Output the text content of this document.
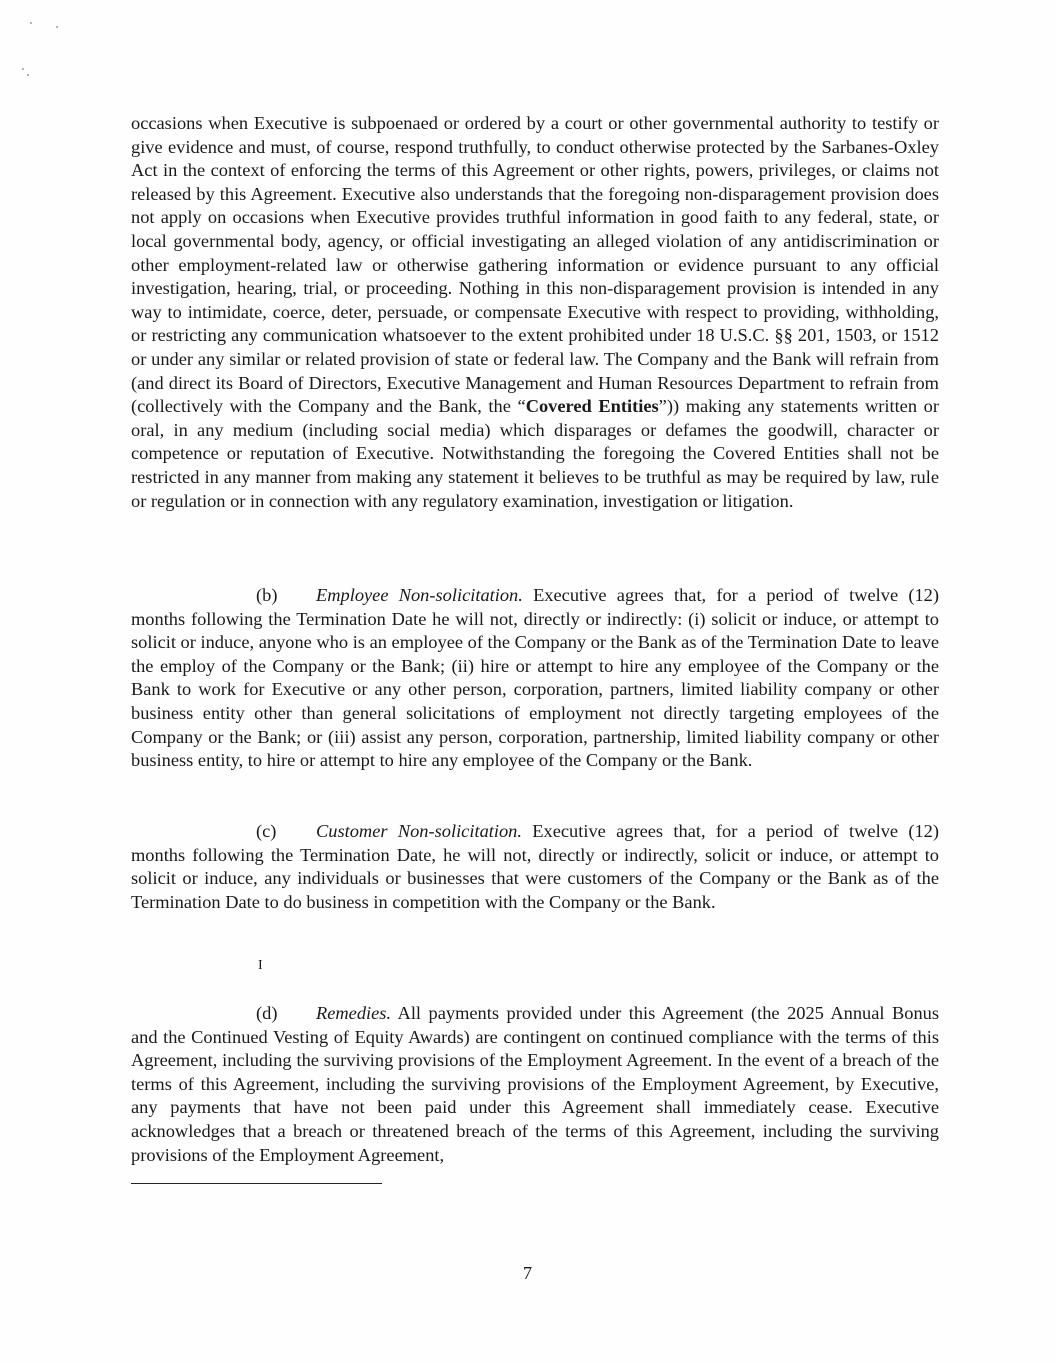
occasions when Executive is subpoenaed or ordered by a court or other governmental authority to testify or give evidence and must, of course, respond truthfully, to conduct otherwise protected by the Sarbanes-Oxley Act in the context of enforcing the terms of this Agreement or other rights, powers, privileges, or claims not released by this Agreement. Executive also understands that the foregoing non-disparagement provision does not apply on occasions when Executive provides truthful information in good faith to any federal, state, or local governmental body, agency, or official investigating an alleged violation of any antidiscrimination or other employment-related law or otherwise gathering information or evidence pursuant to any official investigation, hearing, trial, or proceeding. Nothing in this non-disparagement provision is intended in any way to intimidate, coerce, deter, persuade, or compensate Executive with respect to providing, withholding, or restricting any communication whatsoever to the extent prohibited under 18 U.S.C. §§ 201, 1503, or 1512 or under any similar or related provision of state or federal law. The Company and the Bank will refrain from (and direct its Board of Directors, Executive Management and Human Resources Department to refrain from (collectively with the Company and the Bank, the “Covered Entities”)) making any statements written or oral, in any medium (including social media) which disparages or defames the goodwill, character or competence or reputation of Executive. Notwithstanding the foregoing the Covered Entities shall not be restricted in any manner from making any statement it believes to be truthful as may be required by law, rule or regulation or in connection with any regulatory examination, investigation or litigation.

(b) Employee Non-solicitation. Executive agrees that, for a period of twelve (12) months following the Termination Date he will not, directly or indirectly: (i) solicit or induce, or attempt to solicit or induce, anyone who is an employee of the Company or the Bank as of the Termination Date to leave the employ of the Company or the Bank; (ii) hire or attempt to hire any employee of the Company or the Bank to work for Executive or any other person, corporation, partners, limited liability company or other business entity other than general solicitations of employment not directly targeting employees of the Company or the Bank; or (iii) assist any person, corporation, partnership, limited liability company or other business entity, to hire or attempt to hire any employee of the Company or the Bank.

(c) Customer Non-solicitation. Executive agrees that, for a period of twelve (12) months following the Termination Date, he will not, directly or indirectly, solicit or induce, or attempt to solicit or induce, any individuals or businesses that were customers of the Company or the Bank as of the Termination Date to do business in competition with the Company or the Bank.

I

(d) Remedies. All payments provided under this Agreement (the 2025 Annual Bonus and the Continued Vesting of Equity Awards) are contingent on continued compliance with the terms of this Agreement, including the surviving provisions of the Employment Agreement. In the event of a breach of the terms of this Agreement, including the surviving provisions of the Employment Agreement, by Executive, any payments that have not been paid under this Agreement shall immediately cease. Executive acknowledges that a breach or threatened breach of the terms of this Agreement, including the surviving provisions of the Employment Agreement,

7
